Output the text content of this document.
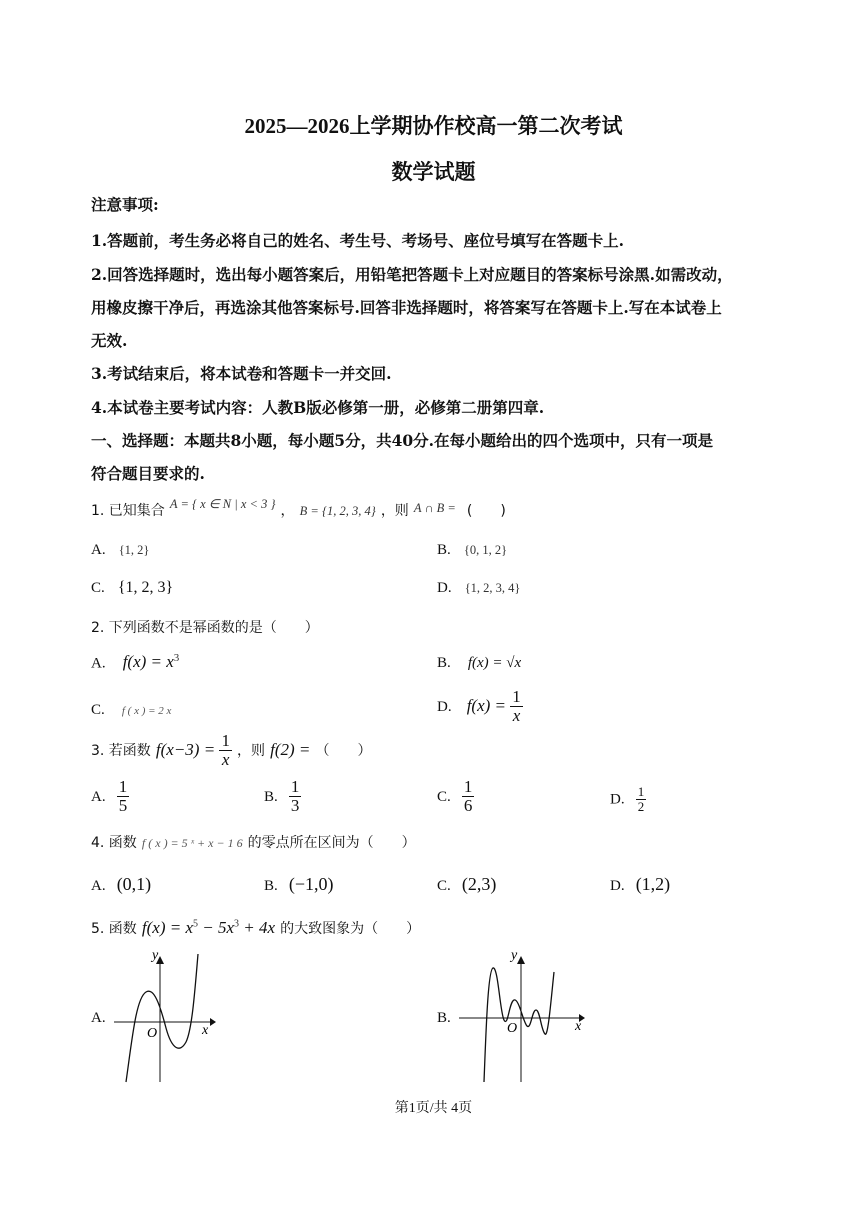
2025—2026上学期协作校高一第二次考试
数学试题
注意事项:
1.答题前，考生务必将自己的姓名、考生号、考场号、座位号填写在答题卡上.
2.回答选择题时，选出每小题答案后，用铅笔把答题卡上对应题目的答案标号涂黑.如需改动，
用橡皮擦干净后，再选涂其他答案标号.回答非选择题时，将答案写在答题卡上.写在本试卷上
无效.
3.考试结束后，将本试卷和答题卡一并交回.
4.本试卷主要考试内容：人教B版必修第一册，必修第二册第四章.
一、选择题：本题共8小题，每小题5分，共40分.在每小题给出的四个选项中，只有一项是
符合题目要求的.
1. 已知集合 $^{A = \{ x \in N | x < 3 \}}$ ， B = {1, 2, 3, 4} ，则 A ∩ B = (　　)
A. {1, 2}	B. {0, 1, 2}
C. {1, 2, 3}	D. {1, 2, 3, 4}
2. 下列函数不是幂函数的是（　　）
A. $f(x) = x^3$	B. f(x) = √x
C. f ( x ) = 2 x	D. $f(x) = \frac{1}{x}$
3. 若函数 $f(x-3) = \frac{1}{x}$ ，则 f(2) = （　　）
A. $\frac{1}{5}$	B. $\frac{1}{3}$	C. $\frac{1}{6}$	D. $\frac{1}{2}$
4. 函数 f ( x ) = 5 ˣ + x − 1 6 的零点所在区间为（　　）
A. (0,1)	B. (−1,0)	C. (2,3)	D. (1,2)
5. 函数 $f(x) = x^5 - 5x^3 + 4x$ 的大致图象为（　　）
A.
y
x
O
B.
y
x
O
第1页/共 4页
